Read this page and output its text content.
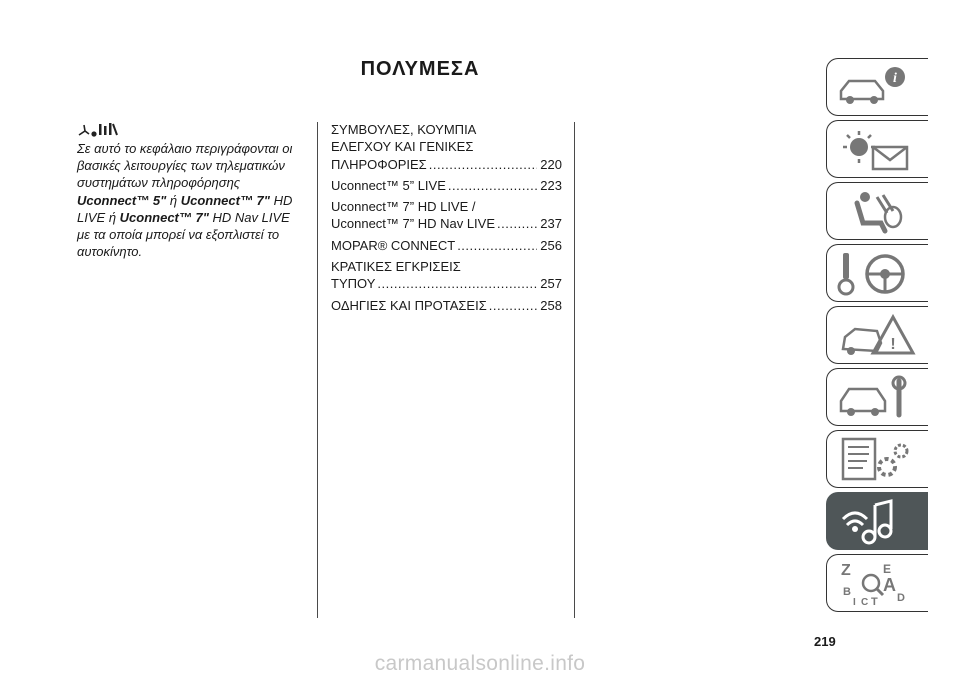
ΠΟΛΥΜΕΣΑ
Σε αυτό το κεφάλαιο περιγράφονται οι βασικές λειτουργίες των τηλεματικών συστημάτων πληροφόρησης Uconnect™ 5" ή Uconnect™ 7" HD LIVE ή Uconnect™ 7" HD Nav LIVE με τα οποία μπορεί να εξοπλιστεί το αυτοκίνητο.
ΣΥΜΒΟΥΛΕΣ, ΚΟΥΜΠΙΑ
ΕΛΕΓΧΟΥ ΚΑΙ ΓΕΝΙΚΕΣ
ΠΛΗΡΟΦΟΡΙΕΣ .....	220
Uconnect™ 5” LIVE .....	223
Uconnect™ 7” HD LIVE /
Uconnect™ 7” HD Nav LIVE .....	237
MOPAR® CONNECT .....	256
ΚΡΑΤΙΚΕΣ ΕΓΚΡΙΣΕΙΣ
ΤΥΠΟΥ .....	257
ΟΔΗΓΙΕΣ ΚΑΙ ΠΡΟΤΑΣΕΙΣ .....	258
i
!
Z	E
B
I C T D
A
219
carmanualsonline.info
